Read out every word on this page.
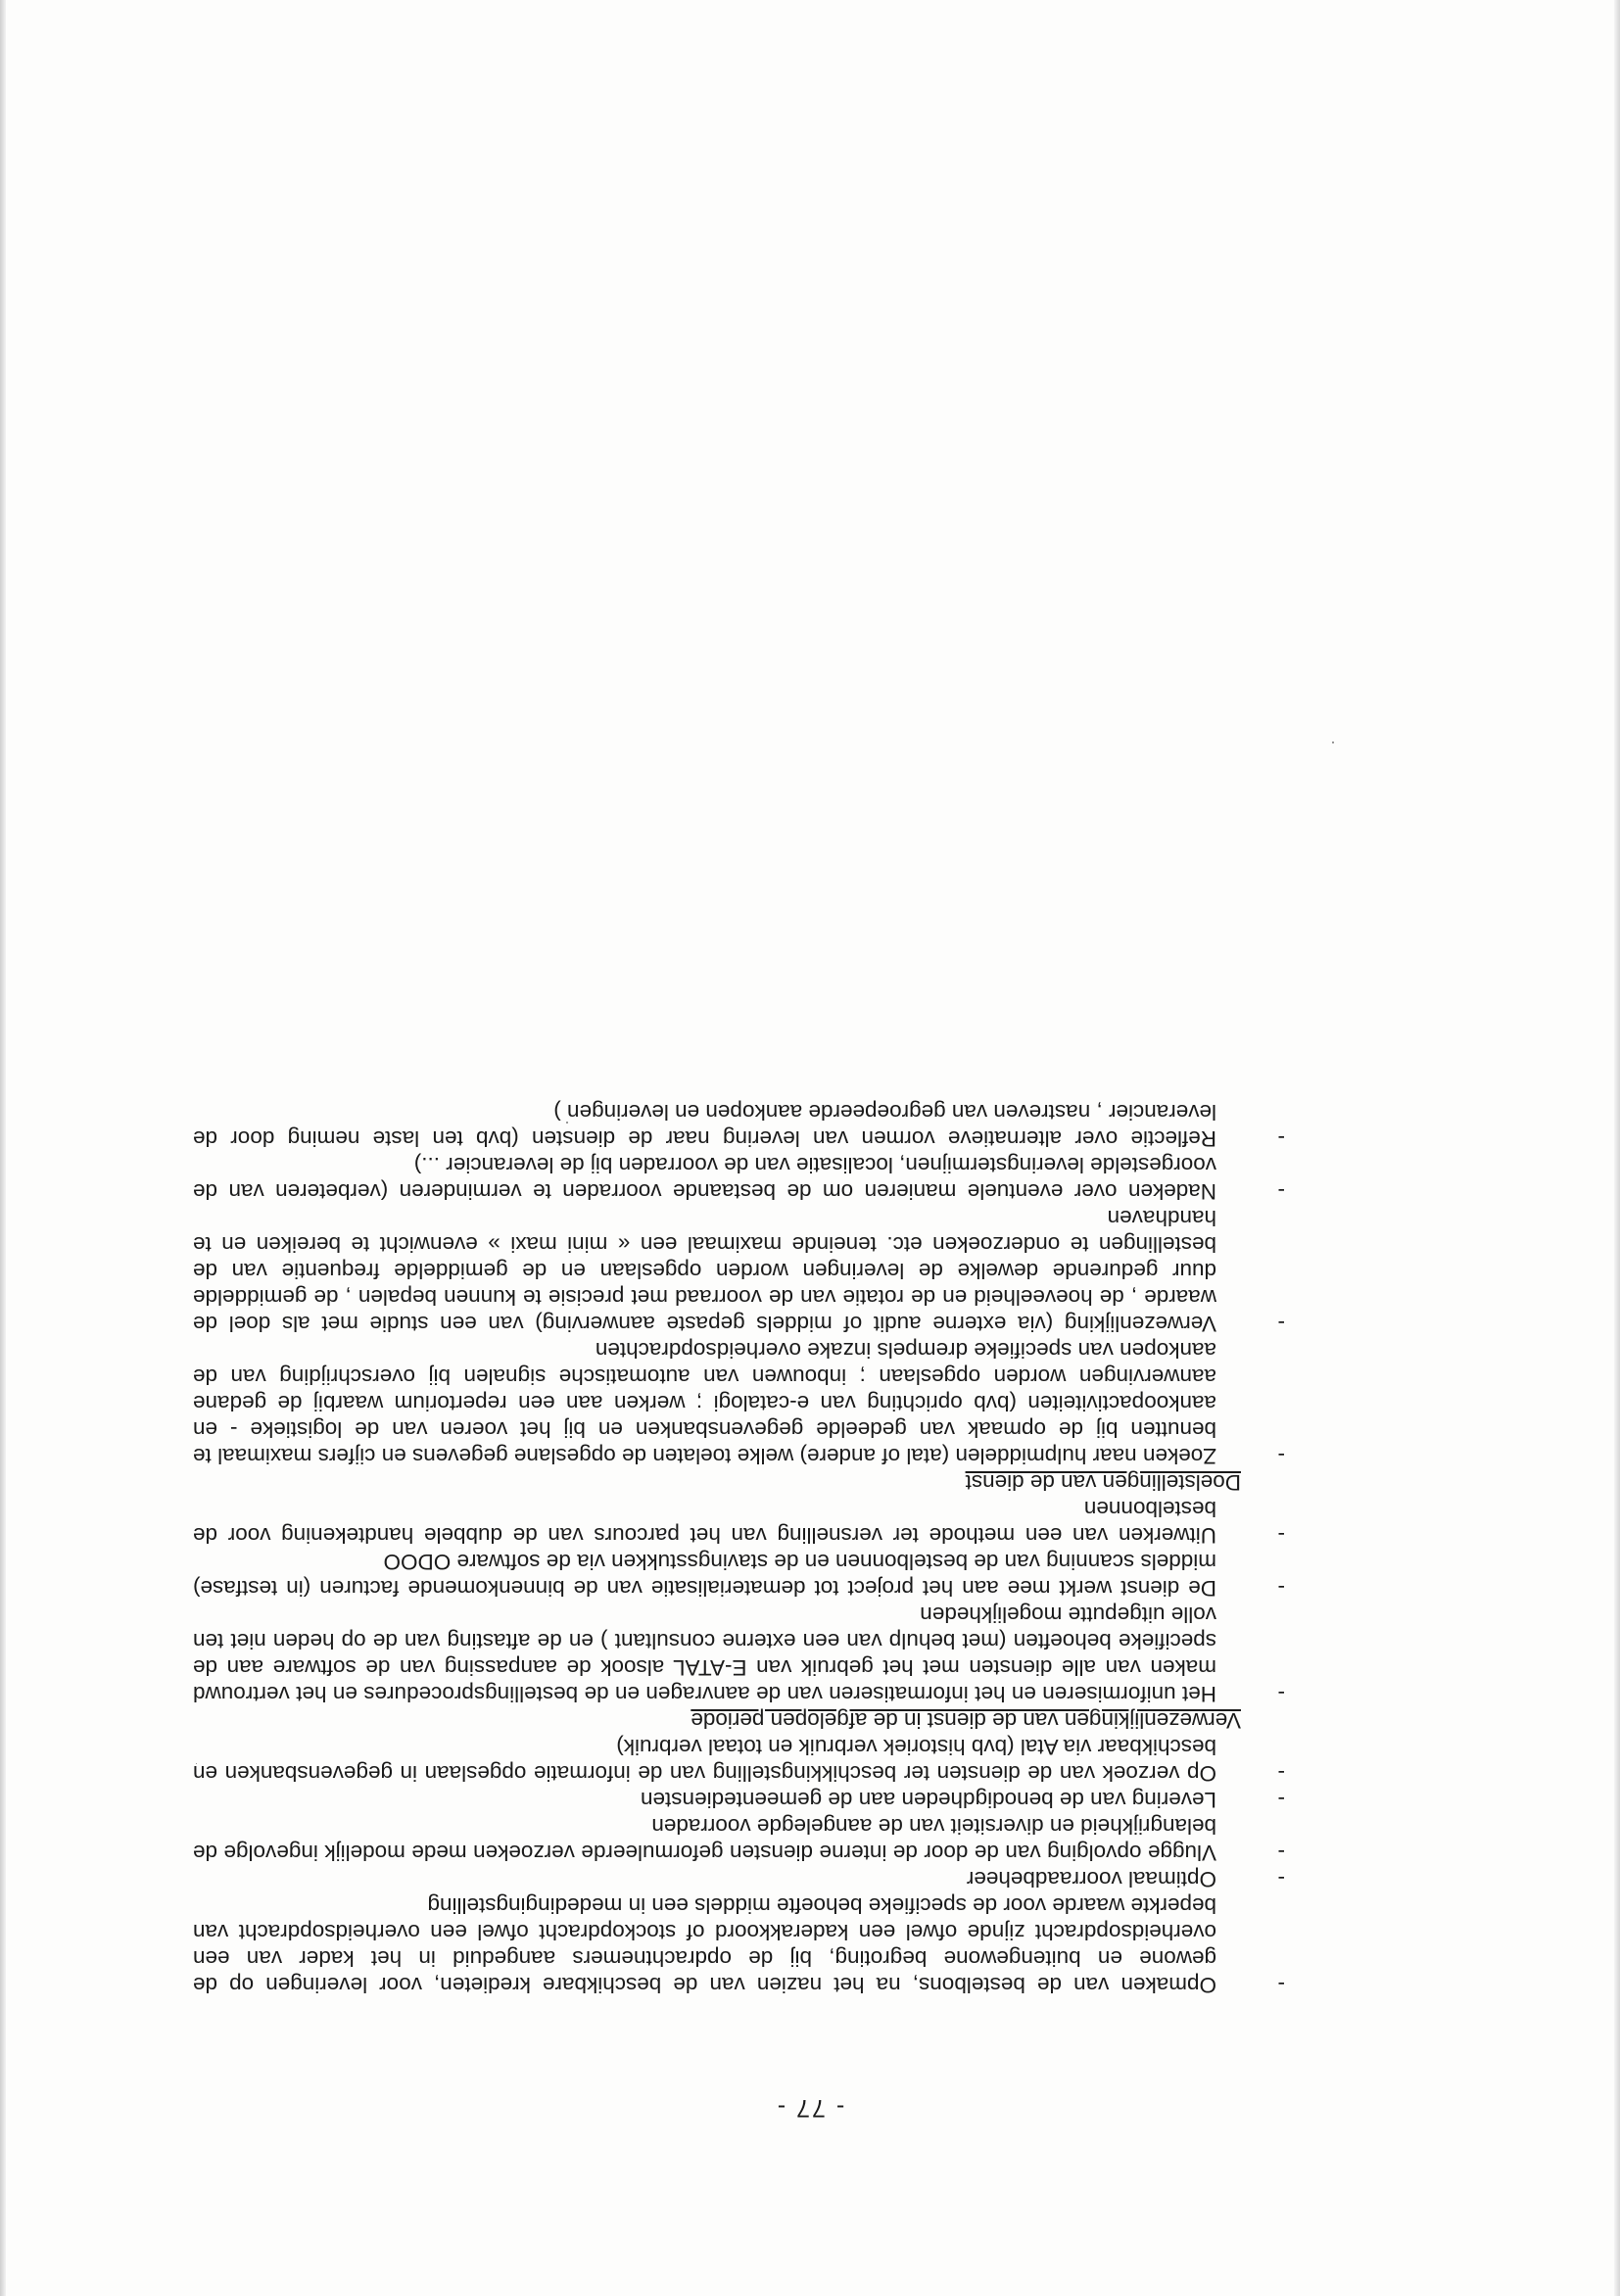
- 77 -
- Opmaken van de bestelbons, na het nazien van de beschikbare kredieten, voor leveringen op de gewone en buitengewone begroting, bij de opdrachtnemers aangeduid in het kader van een overheidsopdracht zijnde ofwel een kaderakkoord of stockopdracht ofwel een overheidsopdracht van beperkte waarde voor de specifieke behoefte middels een in mededingingstelling
- Optimaal voorraadbeheer
- Vlugge opvolging van de door de interne diensten geformuleerde verzoeken mede modelijk ingevolge de belangrijkheid en diversiteit van de aangelegde voorraden
- Levering van de benodigdheden aan de gemeentediensten
- Op verzoek van de diensten ter beschikkingstelling van de informatie opgeslaan in gegevensbanken en beschikbaar via Atal (bvb historiek verbruik en totaal verbruik)
Verwezenlijkingen van de dienst in de afgelopen periode
- Het uniformiseren en het informatiseren van de aanvragen en de bestellingsprocedures en het vertrouwd maken van alle diensten met het gebruik van E-ATAL alsook de aanpassing van de software aan de specifieke behoeften (met behulp van een externe consultant ) en de aftasting van de op heden niet ten volle uitgeputte mogelijkheden
- De dienst werkt mee aan het project tot dematerialisatie van de binnenkomende facturen (in testfase) middels scanning van de bestelbonnen en de stavingsstukken via de software ODOO
- Uitwerken van een methode ter versnelling van het parcours van de dubbele handtekening voor de bestelbonnen
Doelstellingen van de dienst
- Zoeken naar hulpmiddelen (atal of andere) welke toelaten de opgeslane gegevens en cijfers maximaal te benutten bij de opmaak van gedeelde gegevensbanken en bij het voeren van de logistieke - en aankoopactiviteiten (bvb oprichting van e-catalogi ; werken aan een repertorium waarbij de gedane aanwervingen worden opgeslaan ; inbouwen van automatische signalen bij overschrijding van de aankopen van specifieke drempels inzake overheidsopdrachten
- Verwezenlijking (via externe audit of middels gepaste aanwerving) van een studie met als doel de waarde , de hoeveelheid en de rotatie van de voorraad met precisie te kunnen bepalen , de gemiddelde duur gedurende dewelke de leveringen worden opgeslaan en de gemiddelde frequentie van de bestellingen te onderzoeken etc. teneinde maximaal een « mini maxi » evenwicht te bereiken en te handhaven
- Nadeken over eventuele manieren om de bestaande voorraden te verminderen (verbeteren van de voorgestelde leveringstermijnen, localisatie van de voorraden bij de leverancier ...)
- Reflectie over alternatieve vormen van levering naar de diensten (bvb ten laste neming door de leverancier , nastreven van gegroepeerde aankopen en leveringen )
